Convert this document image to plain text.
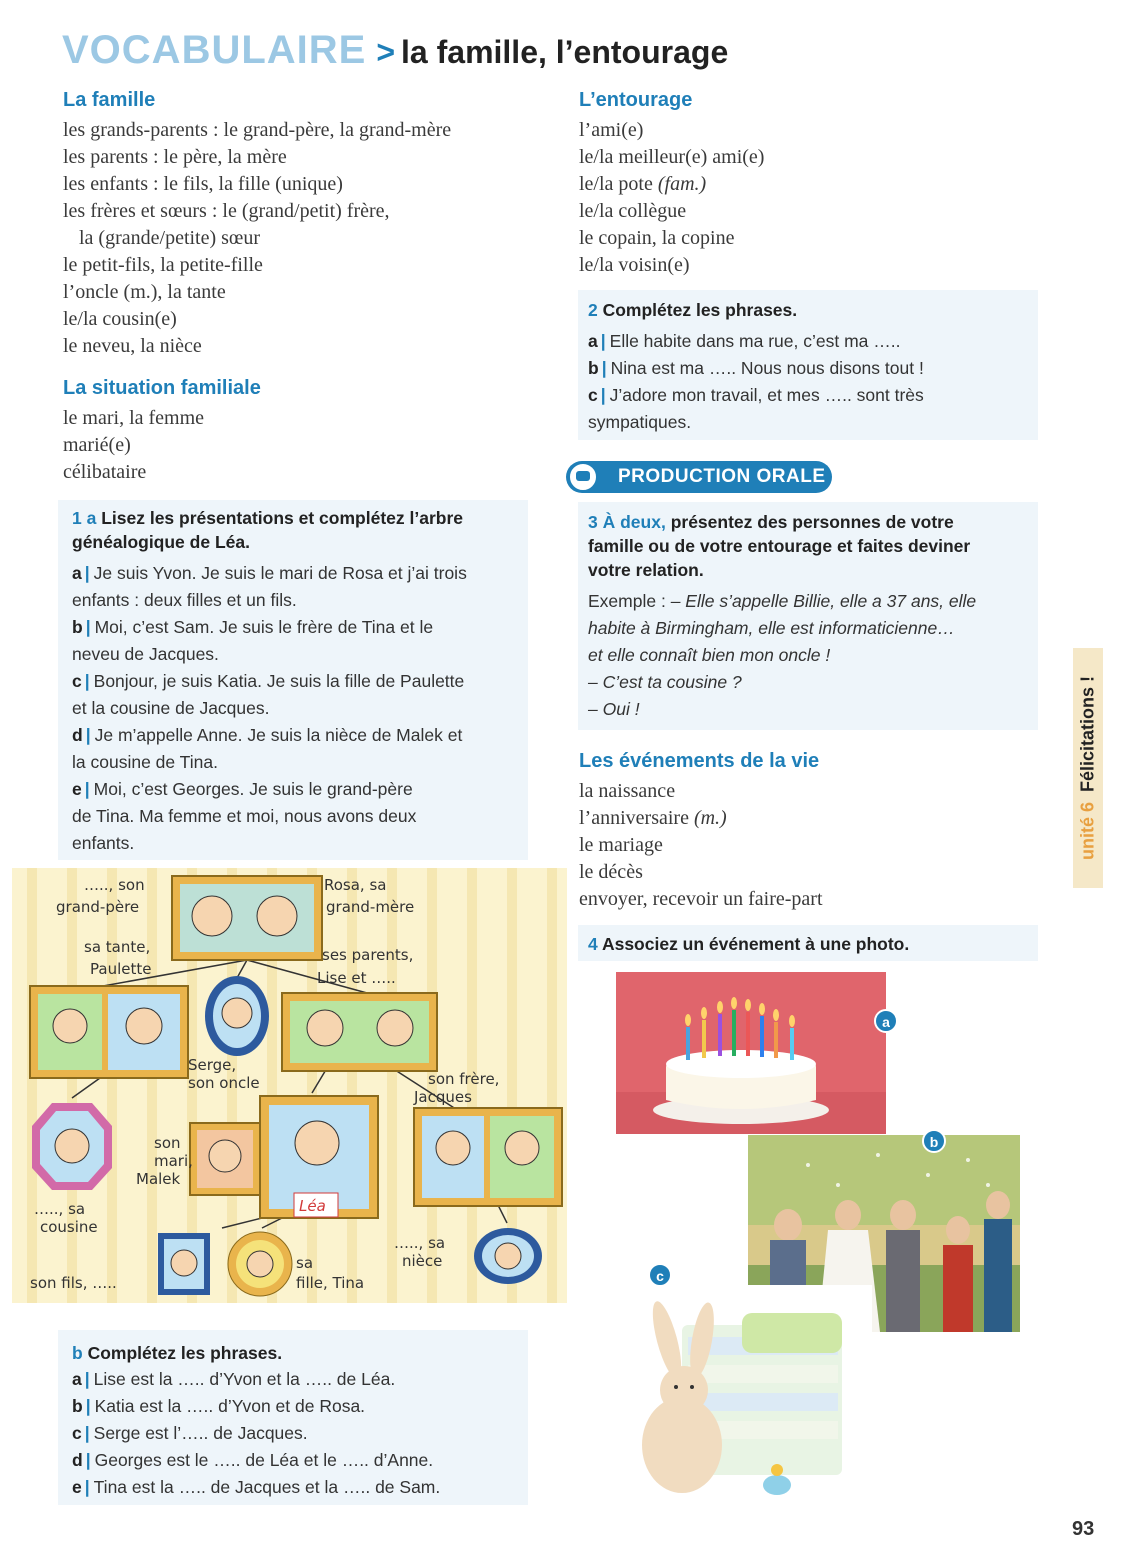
VOCABULAIRE > la famille, l’entourage
La famille
les grands-parents : le grand-père, la grand-mère
les parents : le père, la mère
les enfants : le fils, la fille (unique)
les frères et sœurs : le (grand/petit) frère,
la (grande/petite) sœur
le petit-fils, la petite-fille
l’oncle (m.), la tante
le/la cousin(e)
le neveu, la nièce
La situation familiale
le mari, la femme
marié(e)
célibataire
1 a Lisez les présentations et complétez l’arbre
généalogique de Léa.
a | Je suis Yvon. Je suis le mari de Rosa et j’ai trois
enfants : deux filles et un fils.
b | Moi, c’est Sam. Je suis le frère de Tina et le
neveu de Jacques.
c | Bonjour, je suis Katia. Je suis la fille de Paulette
et la cousine de Jacques.
d | Je m’appelle Anne. Je suis la nièce de Malek et
la cousine de Tina.
e | Moi, c’est Georges. Je suis le grand-père
de Tina. Ma femme et moi, nous avons deux
enfants.
….., son
grand-père
Rosa, sa
grand-mère
sa tante,
Paulette
ses parents,
Lise et …..
Serge,
son oncle	son frère,
Jacques
son
mari,
Malek
Léa
….., sa
cousine
….., sa
nièce
son fils, …..
sa
fille, Tina
b Complétez les phrases.
a | Lise est la ….. d’Yvon et la ….. de Léa.
b | Katia est la ….. d’Yvon et de Rosa.
c | Serge est l’….. de Jacques.
d | Georges est le ….. de Léa et le ….. d’Anne.
e | Tina est la ….. de Jacques et la ….. de Sam.
L’entourage
l’ami(e)
le/la meilleur(e) ami(e)
le/la pote (fam.)
le/la collègue
le copain, la copine
le/la voisin(e)
2 Complétez les phrases.
a | Elle habite dans ma rue, c’est ma …..
b | Nina est ma ….. Nous nous disons tout !
c | J’adore mon travail, et mes ….. sont très
sympatiques.
PRODUCTION ORALE
3 À deux, présentez des personnes de votre
famille ou de votre entourage et faites deviner
votre relation.
Exemple : – Elle s’appelle Billie, elle a 37 ans, elle
habite à Birmingham, elle est informaticienne…
et elle connaît bien mon oncle !
– C’est ta cousine ?
– Oui !
Les événements de la vie
la naissance
l’anniversaire (m.)
le mariage
le décès
envoyer, recevoir un faire-part
4 Associez un événement à une photo.
a
b
c
unité 6  Félicitations !
93
